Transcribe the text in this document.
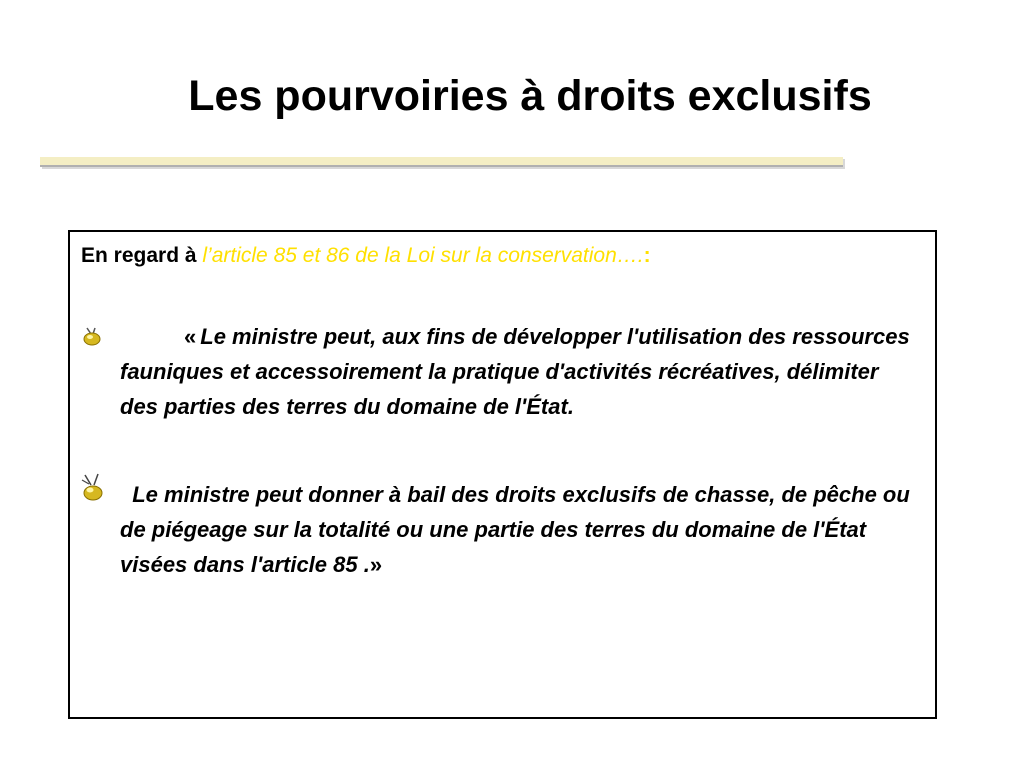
Les pourvoiries à droits exclusifs
En regard à l’article 85 et 86 de la Loi sur la conservation….:
« Le ministre peut, aux fins de développer l'utilisation des ressources fauniques et accessoirement la pratique d'activités récréatives, délimiter des parties des terres du domaine de l'État.
Le ministre peut donner à bail des droits exclusifs de chasse, de pêche ou de piégeage sur la totalité ou une partie des terres du domaine de l'État visées dans l'article 85 .»
